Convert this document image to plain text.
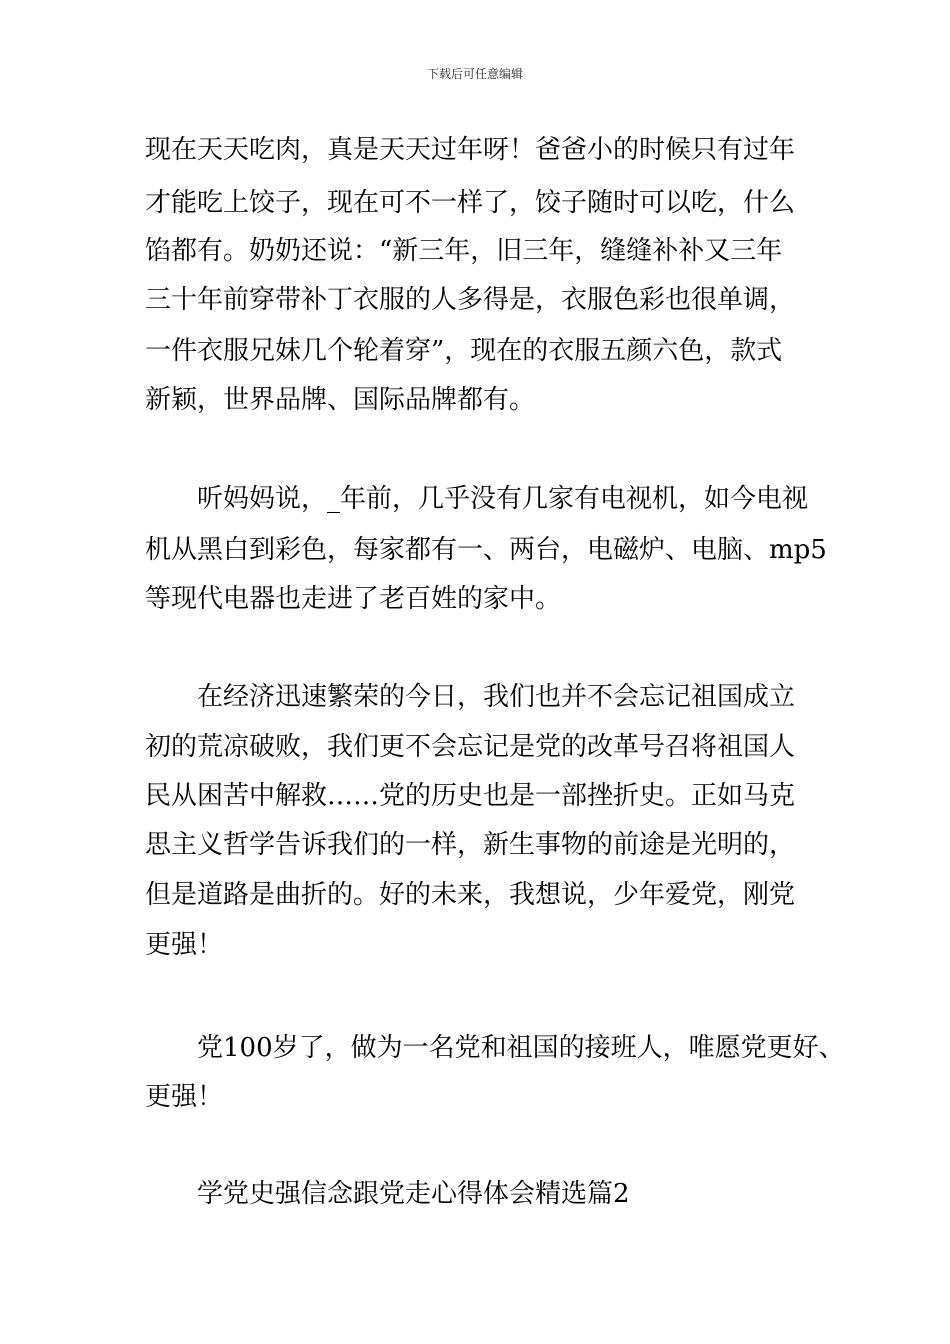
下载后可任意编辑
现在天天吃肉，真是天天过年呀！爸爸小的时候只有过年
才能吃上饺子，现在可不一样了，饺子随时可以吃，什么
馅都有。奶奶还说：“新三年，旧三年，缝缝补补又三年
三十年前穿带补丁衣服的人多得是，衣服色彩也很单调，
一件衣服兄妹几个轮着穿”，现在的衣服五颜六色，款式
新颖，世界品牌、国际品牌都有。
听妈妈说，_年前，几乎没有几家有电视机，如今电视
机从黑白到彩色，每家都有一、两台，电磁炉、电脑、mp5
等现代电器也走进了老百姓的家中。
在经济迅速繁荣的今日，我们也并不会忘记祖国成立
初的荒凉破败，我们更不会忘记是党的改革号召将祖国人
民从困苦中解救……党的历史也是一部挫折史。正如马克
思主义哲学告诉我们的一样，新生事物的前途是光明的，
但是道路是曲折的。好的未来，我想说，少年爱党，刚党
更强！
党100岁了，做为一名党和祖国的接班人，唯愿党更好、
更强！
学党史强信念跟党走心得体会精选篇2
